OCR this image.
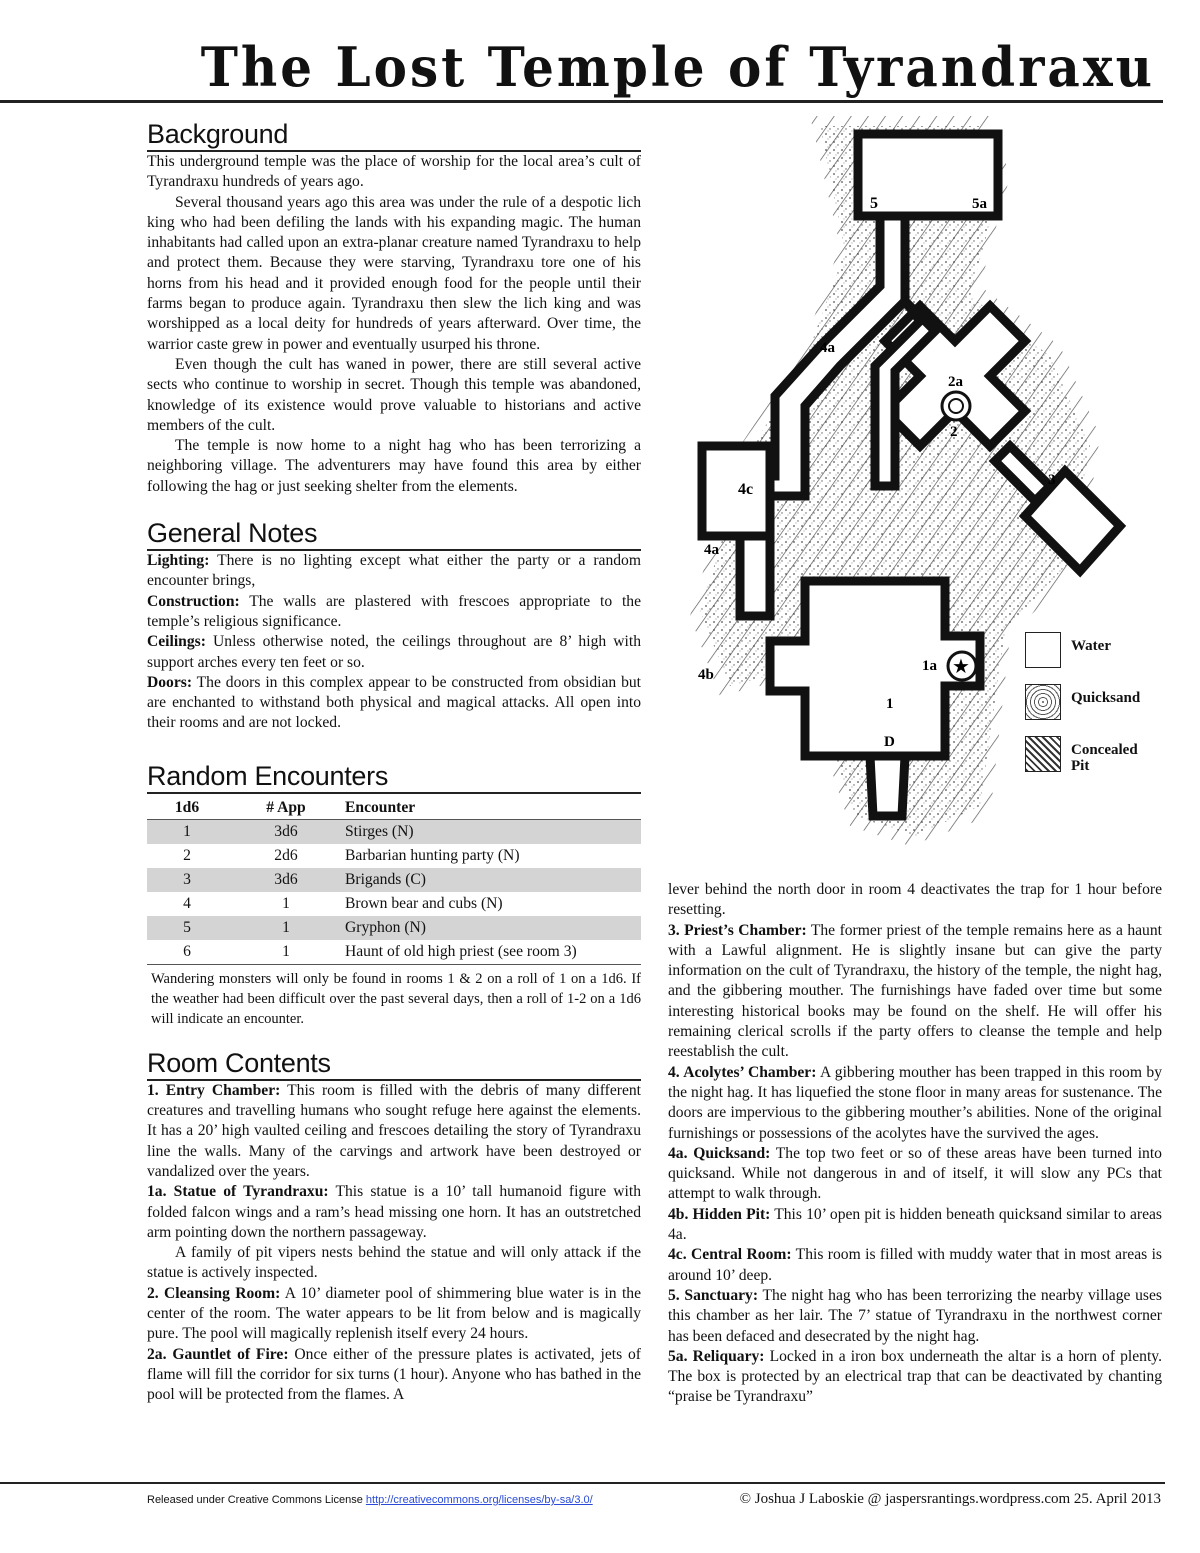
The Lost Temple of Tyrandraxu
Background

This underground temple was the place of worship for the local area’s cult of Tyrandraxu hundreds of years ago.

Several thousand years ago this area was under the rule of a despotic lich king who had been defiling the lands with his expanding magic. The human inhabitants had called upon an extra-planar creature named Tyrandraxu to help and protect them. Because they were starving, Tyrandraxu tore one of his horns from his head and it provided enough food for the people until their farms began to produce again. Tyrandraxu then slew the lich king and was worshipped as a local deity for hundreds of years afterward. Over time, the warrior caste grew in power and eventually usurped his throne.

Even though the cult has waned in power, there are still several active sects who continue to worship in secret. Though this temple was abandoned, knowledge of its existence would prove valuable to historians and active members of the cult.

The temple is now home to a night hag who has been terrorizing a neighboring village. The adventurers may have found this area by either following the hag or just seeking shelter from the elements.

General Notes

Lighting: There is no lighting except what either the party or a random encounter brings,

Construction: The walls are plastered with frescoes appropriate to the temple’s religious significance.

Ceilings: Unless otherwise noted, the ceilings throughout are 8’ high with support arches every ten feet or so.

Doors: The doors in this complex appear to be constructed from obsidian but are enchanted to withstand both physical and magical attacks. All open into their rooms and are not locked.

Random Encounters
1d6	# App	Encounter
1	3d6	Stirges (N)
2	2d6	Barbarian hunting party (N)
3	3d6	Brigands (C)
4	1	Brown bear and cubs (N)
5	1	Gryphon (N)
6	1	Haunt of old high priest (see room 3)

Wandering monsters will only be found in rooms 1 & 2 on a roll of 1 on a 1d6. If the weather had been difficult over the past several days, then a roll of 1-2 on a 1d6 will indicate an encounter.

Room Contents

1. Entry Chamber: This room is filled with the debris of many different creatures and travelling humans who sought refuge here against the elements. It has a 20’ high vaulted ceiling and frescoes detailing the story of Tyrandraxu line the walls. Many of the carvings and artwork have been destroyed or vandalized over the years.

1a. Statue of Tyrandraxu: This statue is a 10’ tall humanoid figure with folded falcon wings and a ram’s head missing one horn. It has an outstretched arm pointing down the northern passageway.

A family of pit vipers nests behind the statue and will only attack if the statue is actively inspected.

2. Cleansing Room: A 10’ diameter pool of shimmering blue water is in the center of the room. The water appears to be lit from below and is magically pure. The pool will magically replenish itself every 24 hours.

2a. Gauntlet of Fire: Once either of the pressure plates is activated, jets of flame will fill the corridor for six turns (1 hour). Anyone who has bathed in the pool will be protected from the flames. A

5	5a
4a
2a
2
3
4c
4a
4b
1a
1
D
★
Water
Quicksand
Concealed Pit

lever behind the north door in room 4 deactivates the trap for 1 hour before resetting.

3. Priest’s Chamber: The former priest of the temple remains here as a haunt with a Lawful alignment. He is slightly insane but can give the party information on the cult of Tyrandraxu, the history of the temple, the night hag, and the gibbering mouther. The furnishings have faded over time but some interesting historical books may be found on the shelf. He will offer his remaining clerical scrolls if the party offers to cleanse the temple and help reestablish the cult.

4. Acolytes’ Chamber: A gibbering mouther has been trapped in this room by the night hag. It has liquefied the stone floor in many areas for sustenance. The doors are impervious to the gibbering mouther’s abilities. None of the original furnishings or possessions of the acolytes have the survived the ages.

4a. Quicksand: The top two feet or so of these areas have been turned into quicksand. While not dangerous in and of itself, it will slow any PCs that attempt to walk through.

4b. Hidden Pit: This 10’ open pit is hidden beneath quicksand similar to areas 4a.

4c. Central Room: This room is filled with muddy water that in most areas is around 10’ deep.

5. Sanctuary: The night hag who has been terrorizing the nearby village uses this chamber as her lair. The 7’ statue of Tyrandraxu in the northwest corner has been defaced and desecrated by the night hag.

5a. Reliquary: Locked in a iron box underneath the altar is a horn of plenty. The box is protected by an electrical trap that can be deactivated by chanting “praise be Tyrandraxu”

Released under Creative Commons License http://creativecommons.org/licenses/by-sa/3.0/	© Joshua J Laboskie @ jaspersrantings.wordpress.com 25. April 2013
